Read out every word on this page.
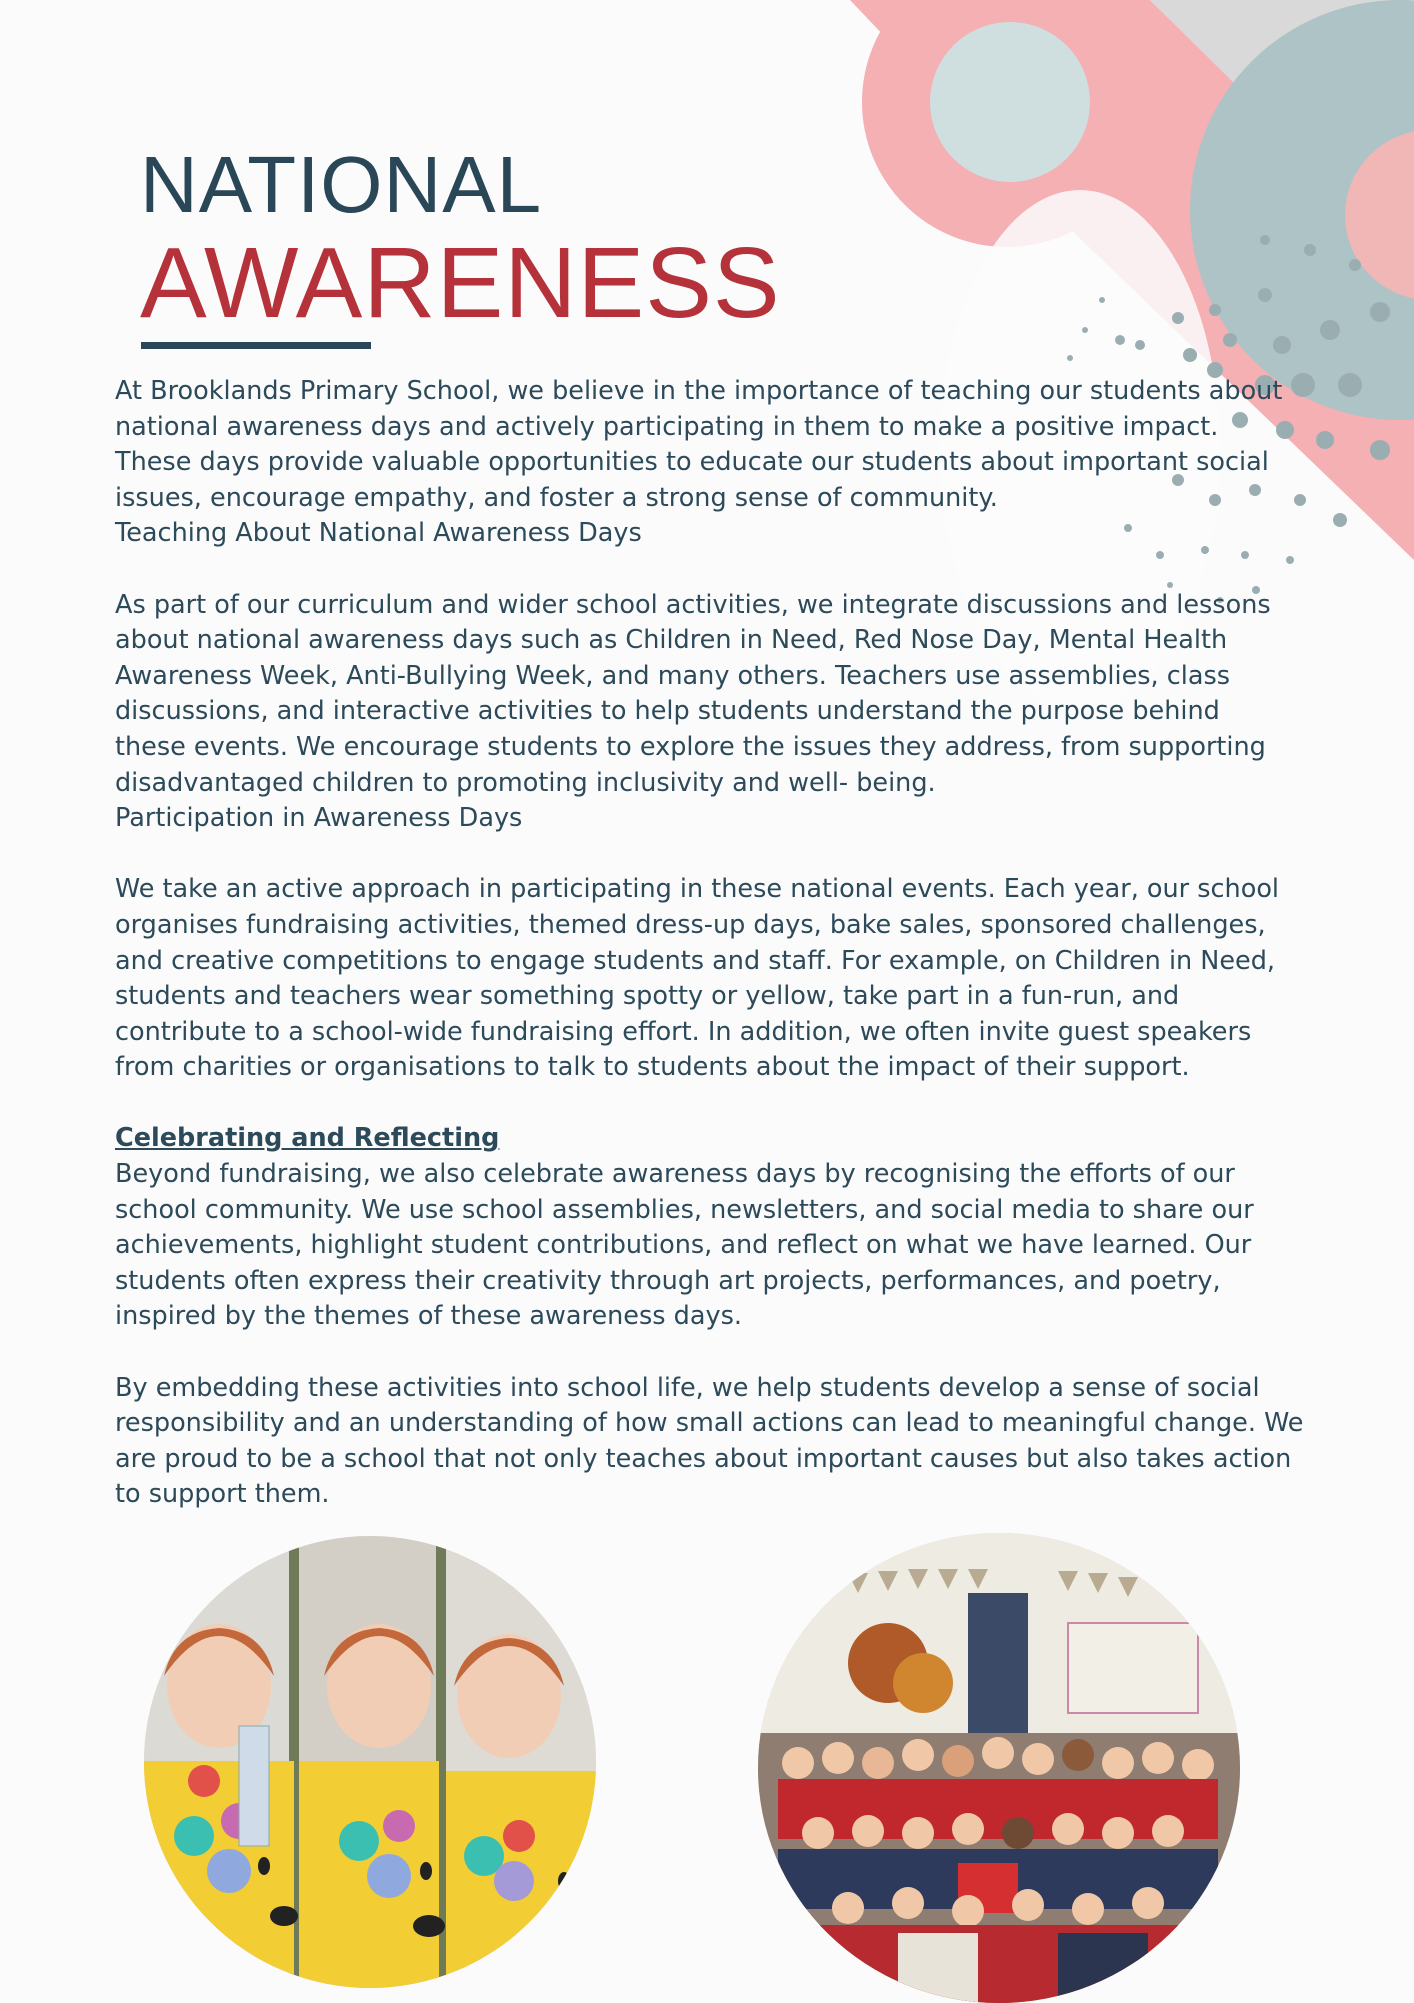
NATIONAL
AWARENESS

At Brooklands Primary School, we believe in the importance of teaching our students about national awareness days and actively participating in them to make a positive impact. These days provide valuable opportunities to educate our students about important social issues, encourage empathy, and foster a strong sense of community.

Teaching About National Awareness Days

As part of our curriculum and wider school activities, we integrate discussions and lessons about national awareness days such as Children in Need, Red Nose Day, Mental Health Awareness Week, Anti-Bullying Week, and many others. Teachers use assemblies, class discussions, and interactive activities to help students understand the purpose behind these events. We encourage students to explore the issues they address, from supporting disadvantaged children to promoting inclusivity and well- being.

Participation in Awareness Days

We take an active approach in participating in these national events. Each year, our school organises fundraising activities, themed dress-up days, bake sales, sponsored challenges, and creative competitions to engage students and staff. For example, on Children in Need, students and teachers wear something spotty or yellow, take part in a fun-run, and contribute to a school-wide fundraising effort. In addition, we often invite guest speakers from charities or organisations to talk to students about the impact of their support.

Celebrating and Reflecting

Beyond fundraising, we also celebrate awareness days by recognising the efforts of our school community. We use school assemblies, newsletters, and social media to share our achievements, highlight student contributions, and reflect on what we have learned. Our students often express their creativity through art projects, performances, and poetry, inspired by the themes of these awareness days.

By embedding these activities into school life, we help students develop a sense of social responsibility and an understanding of how small actions can lead to meaningful change. We are proud to be a school that not only teaches about important causes but also takes action to support them.
